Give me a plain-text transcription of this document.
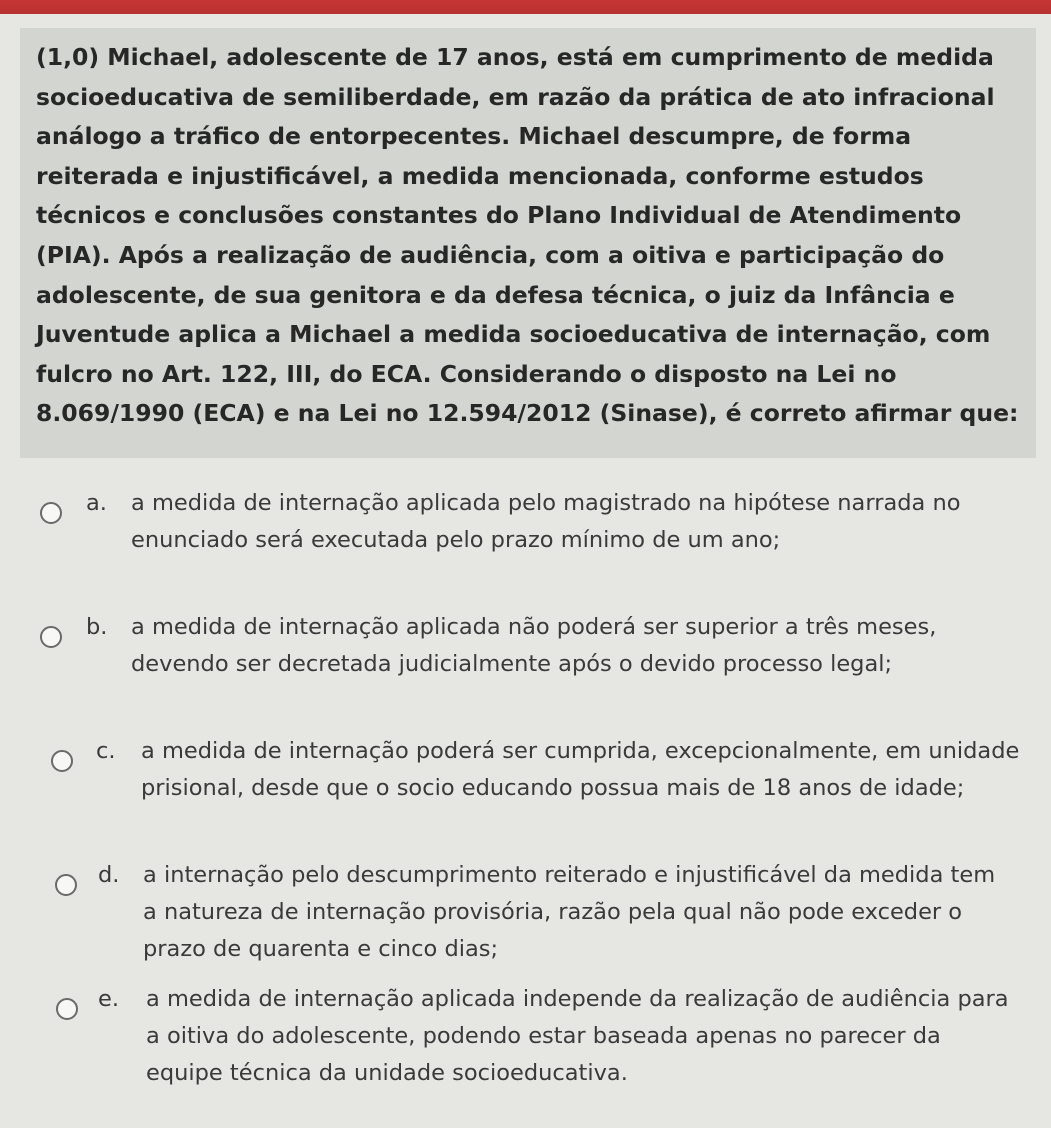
(1,0) Michael, adolescente de 17 anos, está em cumprimento de medida socioeducativa de semiliberdade, em razão da prática de ato infracional análogo a tráfico de entorpecentes. Michael descumpre, de forma reiterada e injustificável, a medida mencionada, conforme estudos técnicos e conclusões constantes do Plano Individual de Atendimento (PIA). Após a realização de audiência, com a oitiva e participação do adolescente, de sua genitora e da defesa técnica, o juiz da Infância e Juventude aplica a Michael a medida socioeducativa de internação, com fulcro no Art. 122, III, do ECA. Considerando o disposto na Lei no 8.069/1990 (ECA) e na Lei no 12.594/2012 (Sinase), é correto afirmar que:

a. a medida de internação aplicada pelo magistrado na hipótese narrada no enunciado será executada pelo prazo mínimo de um ano;

b. a medida de internação aplicada não poderá ser superior a três meses, devendo ser decretada judicialmente após o devido processo legal;

c. a medida de internação poderá ser cumprida, excepcionalmente, em unidade prisional, desde que o socio educando possua mais de 18 anos de idade;

d. a internação pelo descumprimento reiterado e injustificável da medida tem a natureza de internação provisória, razão pela qual não pode exceder o prazo de quarenta e cinco dias;

e. a medida de internação aplicada independe da realização de audiência para a oitiva do adolescente, podendo estar baseada apenas no parecer da equipe técnica da unidade socioeducativa.
